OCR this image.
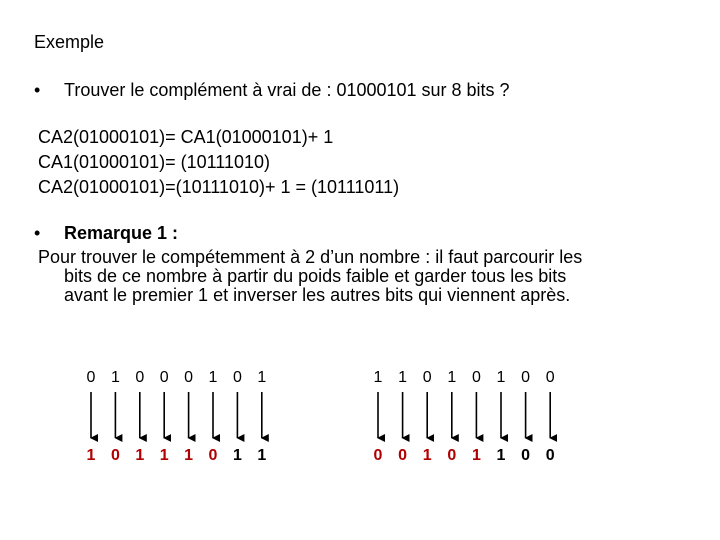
Exemple
• Trouver le complément à vrai de : 01000101 sur 8 bits ?
CA2(01000101)= CA1(01000101)+ 1
CA1(01000101)= (10111010)
CA2(01000101)=(10111010)+ 1 = (10111011)
• Remarque 1 :
Pour trouver le compétemment à 2 d’un nombre : il faut parcourir les
bits de ce nombre à partir du poids faible et garder tous les bits
avant le premier 1 et inverser les autres bits qui viennent après.
0
1
1
0
0
1
0
1
0
1
1
0
0
1
1
1
1
0
1
0
0
1
1
0
0
1
1
1
0
0
0
0
